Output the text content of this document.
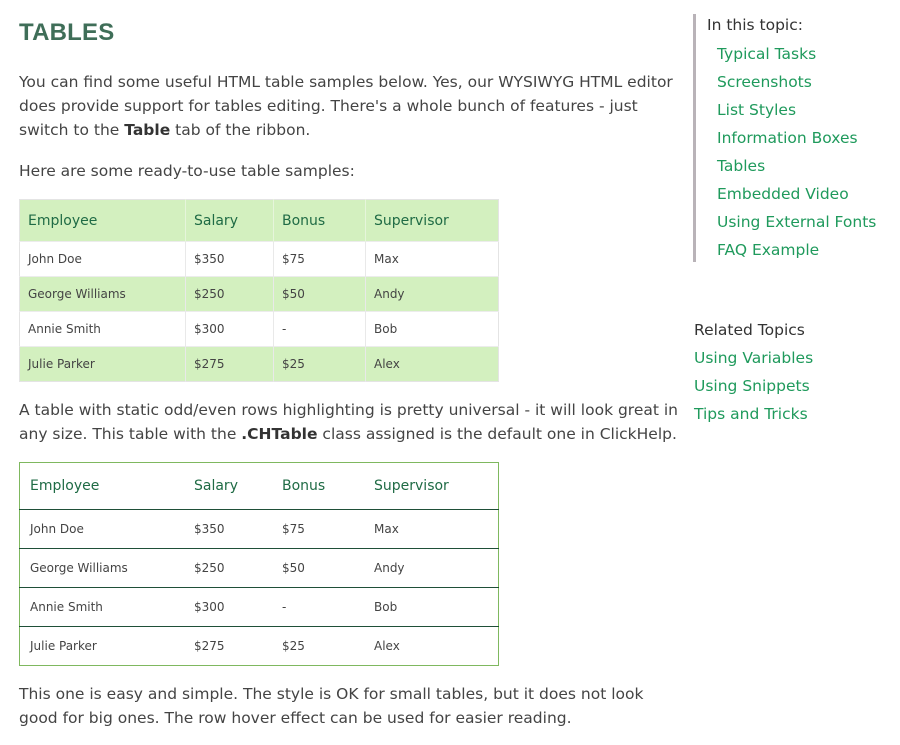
TABLES

You can find some useful HTML table samples below. Yes, our WYSIWYG HTML editor does provide support for tables editing. There's a whole bunch of features - just switch to the Table tab of the ribbon.

Here are some ready-to-use table samples:

Employee	Salary	Bonus	Supervisor
John Doe	$350	$75	Max
George Williams	$250	$50	Andy
Annie Smith	$300	-	Bob
Julie Parker	$275	$25	Alex

A table with static odd/even rows highlighting is pretty universal - it will look great in any size. This table with the .CHTable class assigned is the default one in ClickHelp.

Employee	Salary	Bonus	Supervisor
John Doe	$350	$75	Max
George Williams	$250	$50	Andy
Annie Smith	$300	-	Bob
Julie Parker	$275	$25	Alex

This one is easy and simple. The style is OK for small tables, but it does not look good for big ones. The row hover effect can be used for easier reading.

In this topic:
Typical Tasks
Screenshots
List Styles
Information Boxes
Tables
Embedded Video
Using External Fonts
FAQ Example
Related Topics
Using Variables
Using Snippets
Tips and Tricks
